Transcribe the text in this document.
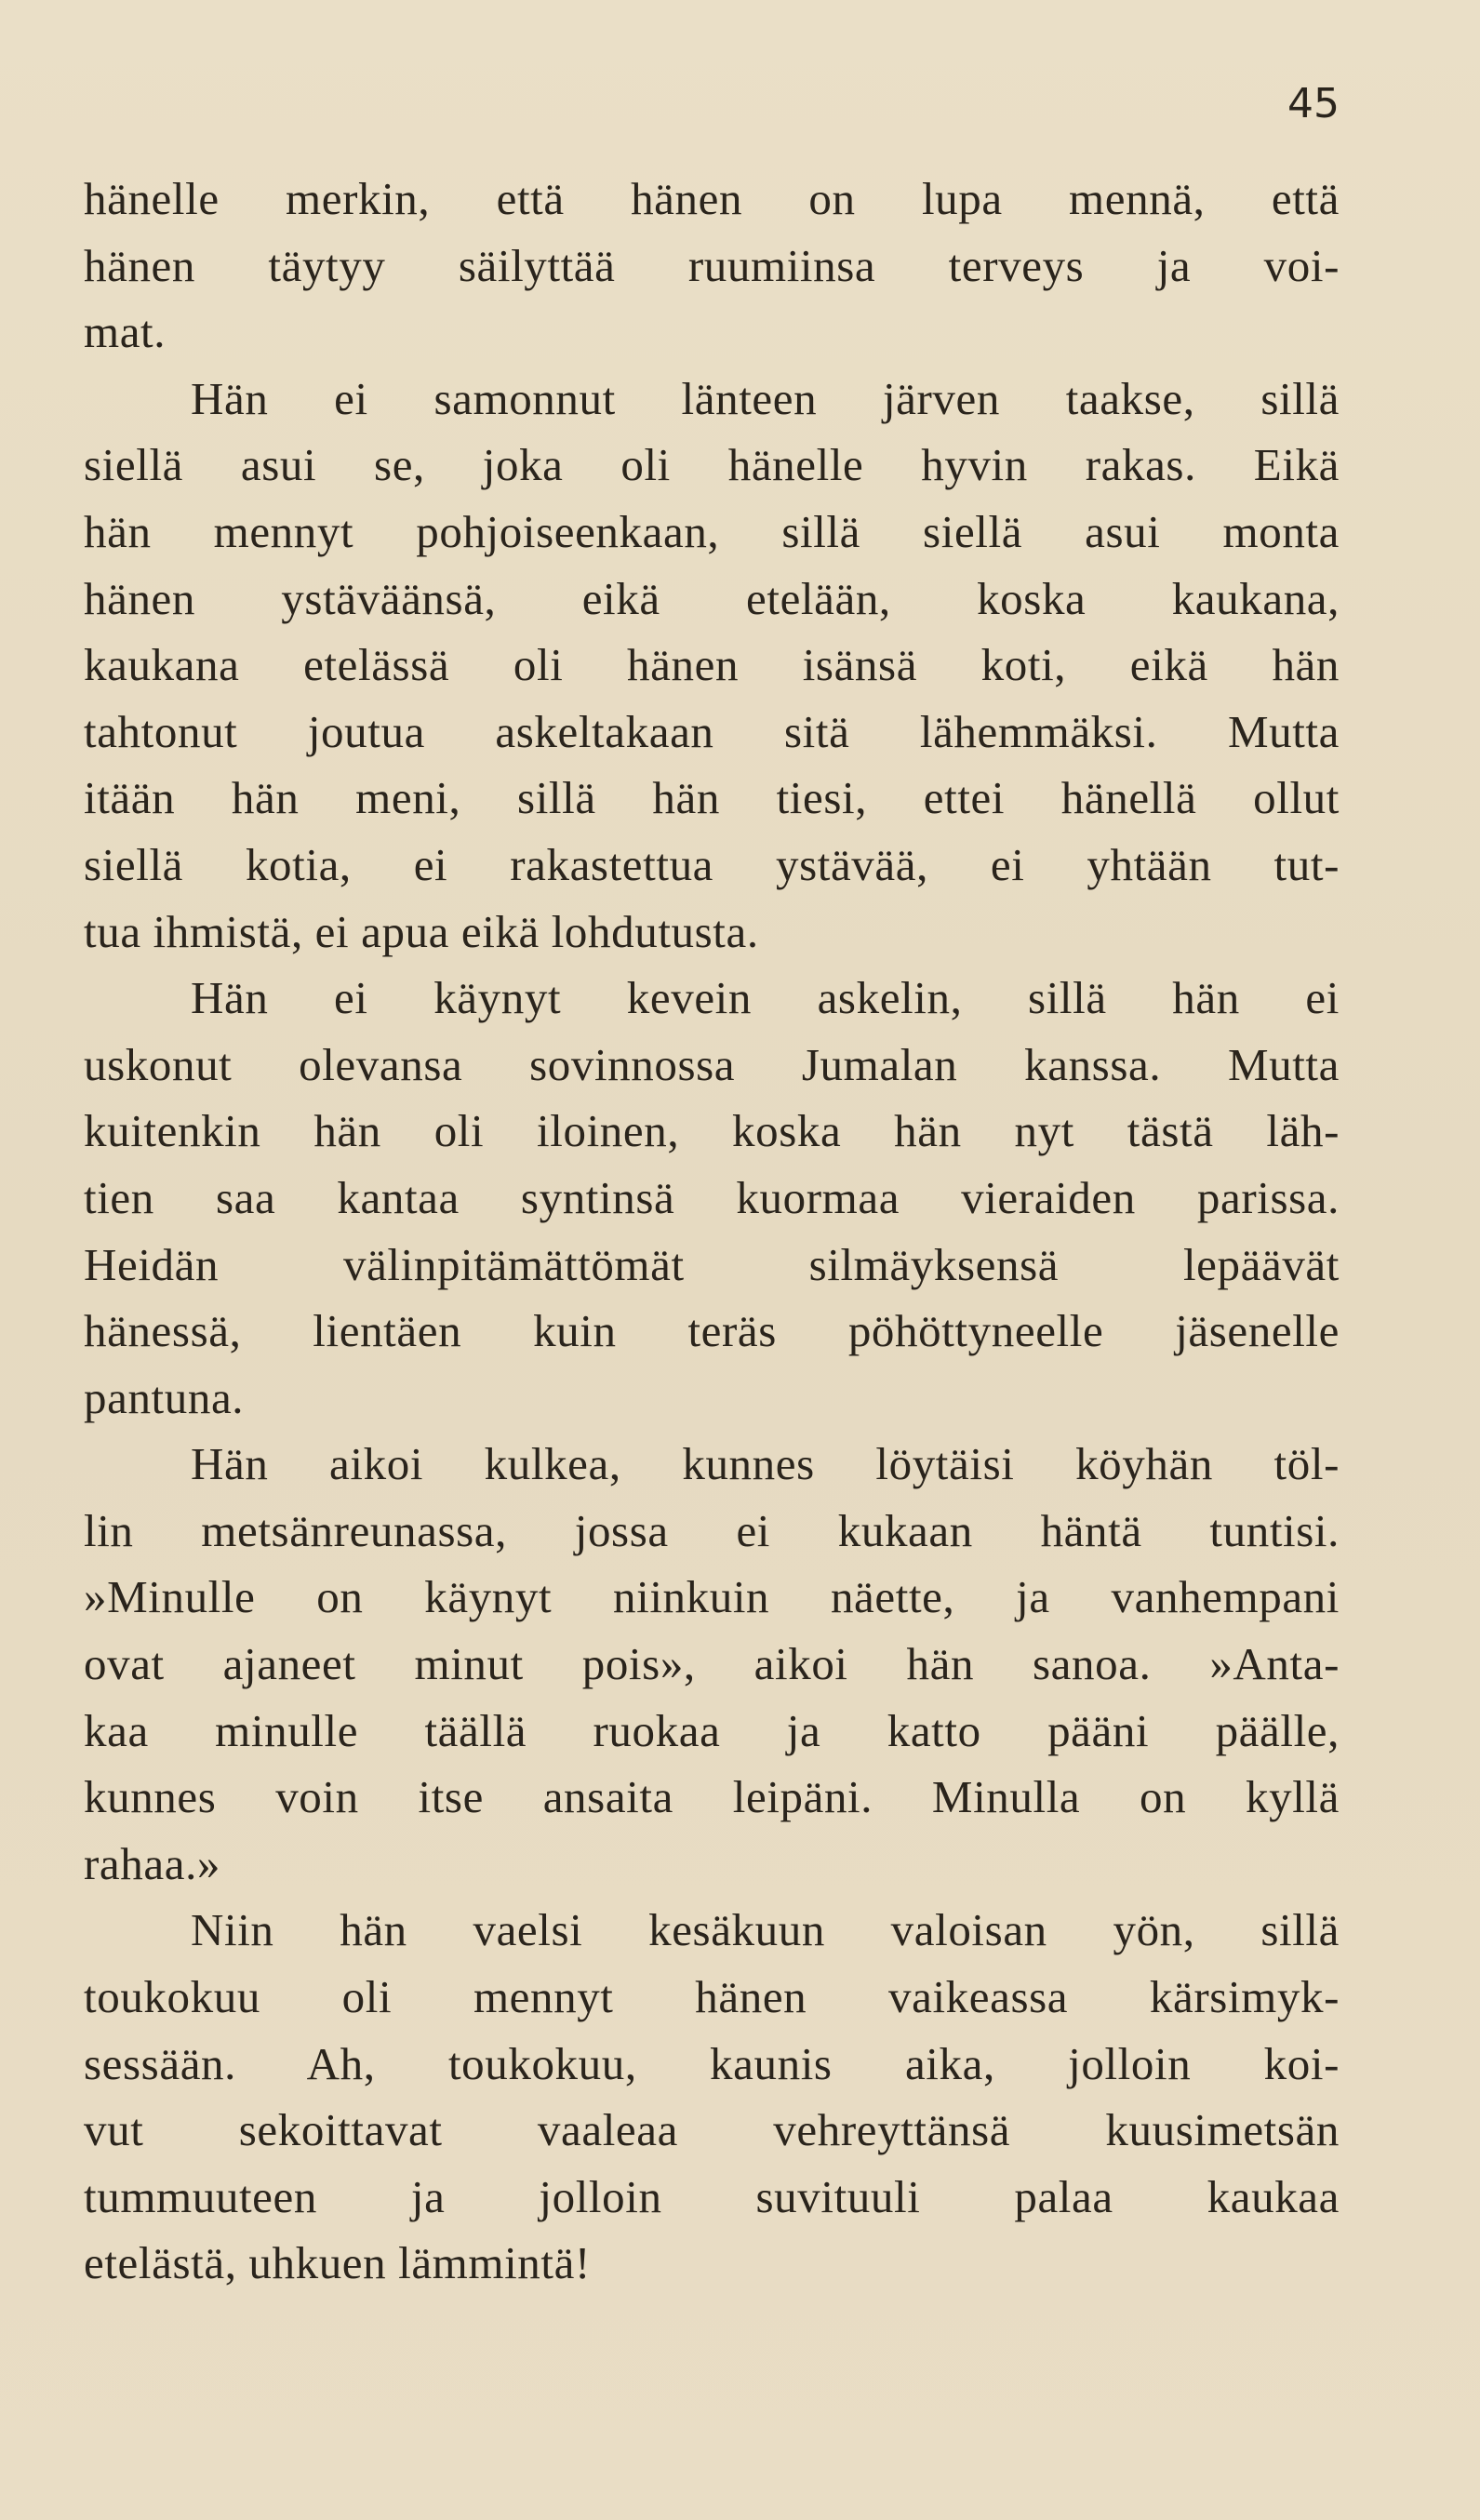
45
hänelle merkin, että hänen on lupa mennä, että
hänen täytyy säilyttää ruumiinsa terveys ja voi-
mat.
Hän ei samonnut länteen järven taakse, sillä
siellä asui se, joka oli hänelle hyvin rakas. Eikä
hän mennyt pohjoiseenkaan, sillä siellä asui monta
hänen ystäväänsä, eikä etelään, koska kaukana,
kaukana etelässä oli hänen isänsä koti, eikä hän
tahtonut joutua askeltakaan sitä lähemmäksi. Mutta
itään hän meni, sillä hän tiesi, ettei hänellä ollut
siellä kotia, ei rakastettua ystävää, ei yhtään tut-
tua ihmistä, ei apua eikä lohdutusta.
Hän ei käynyt kevein askelin, sillä hän ei
uskonut olevansa sovinnossa Jumalan kanssa. Mutta
kuitenkin hän oli iloinen, koska hän nyt tästä läh-
tien saa kantaa syntinsä kuormaa vieraiden parissa.
Heidän välinpitämättömät silmäyksensä lepäävät
hänessä, lientäen kuin teräs pöhöttyneelle jäsenelle
pantuna.
Hän aikoi kulkea, kunnes löytäisi köyhän töl-
lin metsänreunassa, jossa ei kukaan häntä tuntisi.
»Minulle on käynyt niinkuin näette, ja vanhempani
ovat ajaneet minut pois», aikoi hän sanoa. »Anta-
kaa minulle täällä ruokaa ja katto pääni päälle,
kunnes voin itse ansaita leipäni. Minulla on kyllä
rahaa.»
Niin hän vaelsi kesäkuun valoisan yön, sillä
toukokuu oli mennyt hänen vaikeassa kärsimyk-
sessään. Ah, toukokuu, kaunis aika, jolloin koi-
vut sekoittavat vaaleaa vehreyttänsä kuusimetsän
tummuuteen ja jolloin suvituuli palaa kaukaa
etelästä, uhkuen lämmintä!
